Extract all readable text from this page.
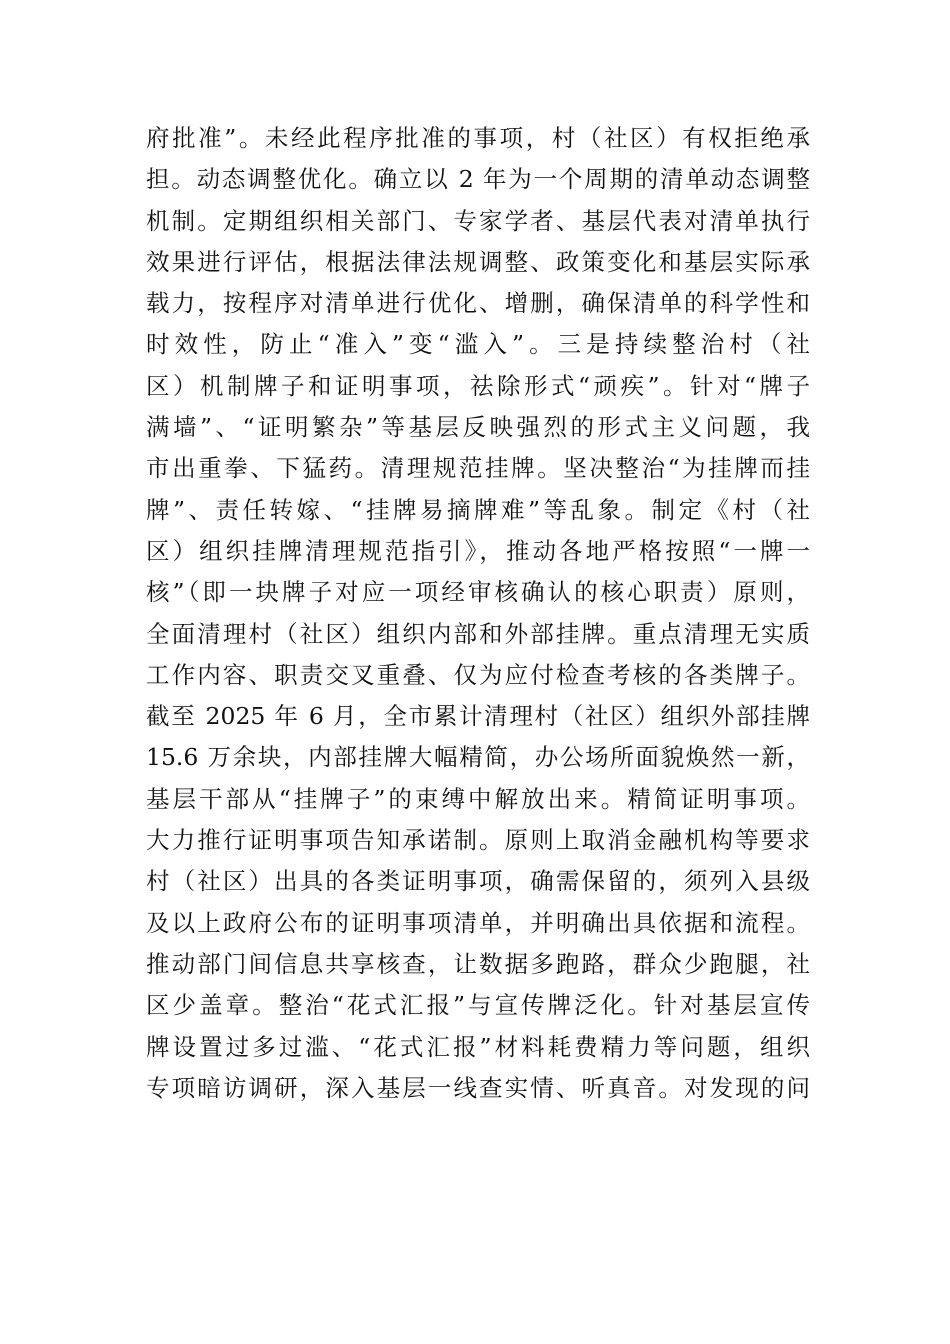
府批准”。未经此程序批准的事项，村（社区）有权拒绝承
担。动态调整优化。确立以 2 年为一个周期的清单动态调整
机制。定期组织相关部门、专家学者、基层代表对清单执行
效果进行评估，根据法律法规调整、政策变化和基层实际承
载力，按程序对清单进行优化、增删，确保清单的科学性和
时效性，防止“准入”变“滥入”。三是持续整治村（社
区）机制牌子和证明事项，祛除形式“顽疾”。针对“牌子
满墙”、“证明繁杂”等基层反映强烈的形式主义问题，我
市出重拳、下猛药。清理规范挂牌。坚决整治“为挂牌而挂
牌”、责任转嫁、“挂牌易摘牌难”等乱象。制定《村（社
区）组织挂牌清理规范指引》，推动各地严格按照“一牌一
核”（即一块牌子对应一项经审核确认的核心职责）原则，
全面清理村（社区）组织内部和外部挂牌。重点清理无实质
工作内容、职责交叉重叠、仅为应付检查考核的各类牌子。
截至 2025 年 6 月，全市累计清理村（社区）组织外部挂牌
15.6 万余块，内部挂牌大幅精简，办公场所面貌焕然一新，
基层干部从“挂牌子”的束缚中解放出来。精简证明事项。
大力推行证明事项告知承诺制。原则上取消金融机构等要求
村（社区）出具的各类证明事项，确需保留的，须列入县级
及以上政府公布的证明事项清单，并明确出具依据和流程。
推动部门间信息共享核查，让数据多跑路，群众少跑腿，社
区少盖章。整治“花式汇报”与宣传牌泛化。针对基层宣传
牌设置过多过滥、“花式汇报”材料耗费精力等问题，组织
专项暗访调研，深入基层一线查实情、听真音。对发现的问
